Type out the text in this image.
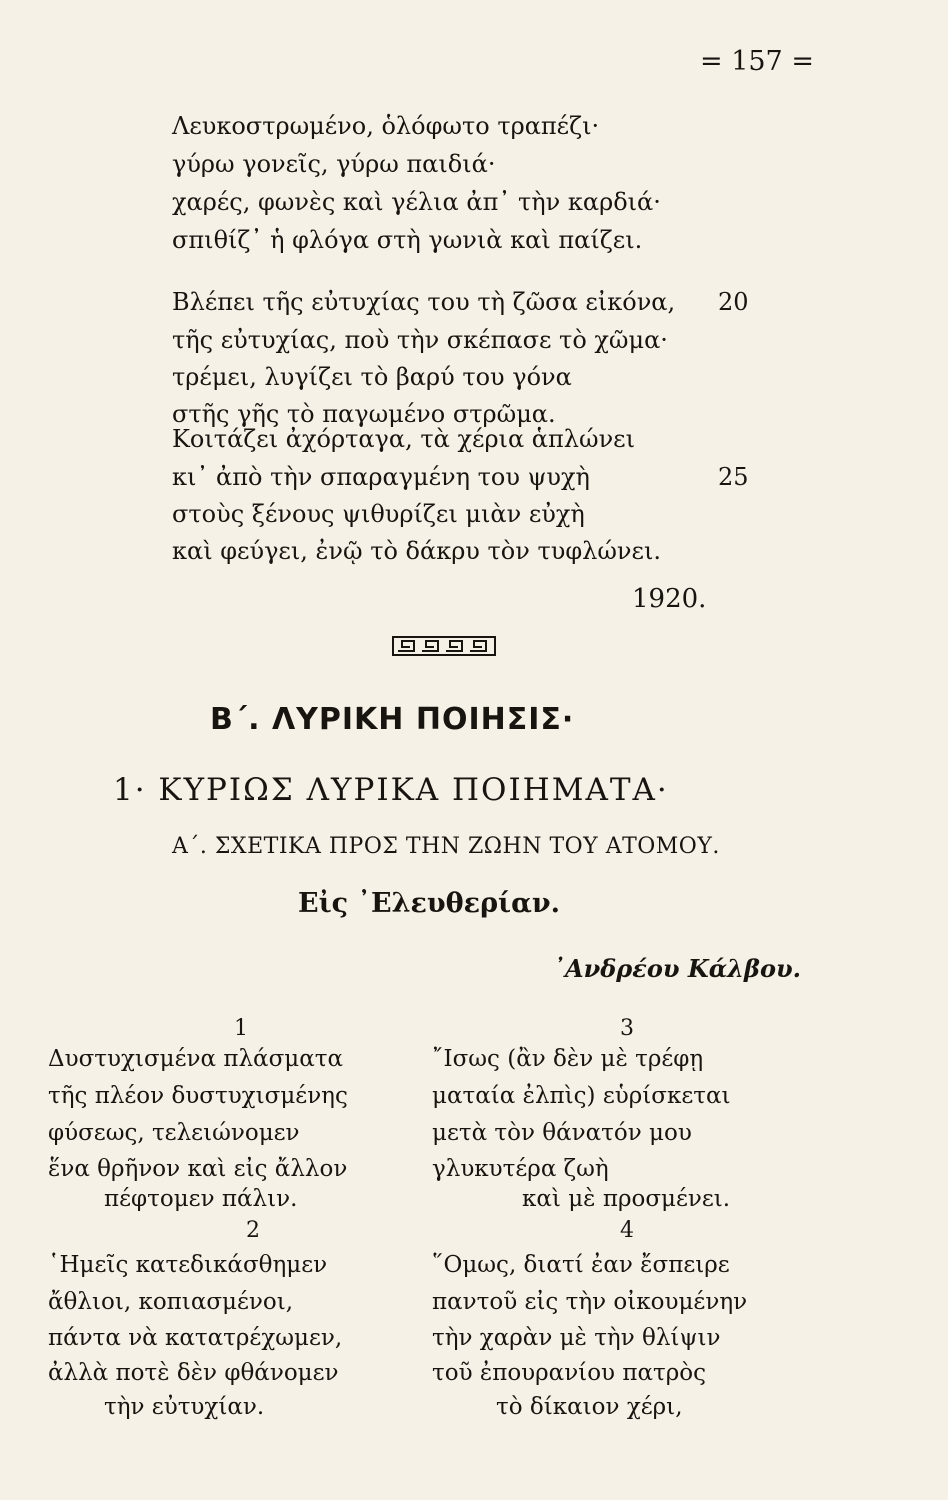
= 157 =
Λευκοστρωμένο, ὁλόφωτο τραπέζι·
γύρω γονεῖς, γύρω παιδιά·
χαρές, φωνὲς καὶ γέλια ἀπ᾿ τὴν καρδιά·
σπιθίζ᾿ ἡ φλόγα στὴ γωνιὰ καὶ παίζει.
Βλέπει τῆς εὐτυχίας του τὴ ζῶσα εἰκόνα,
τῆς εὐτυχίας, ποὺ τὴν σκέπασε τὸ χῶμα·
τρέμει, λυγίζει τὸ βαρύ του γόνα
στῆς γῆς τὸ παγωμένο στρῶμα.
Κοιτάζει ἀχόρταγα, τὰ χέρια ἁπλώνει
κι᾿ ἀπὸ τὴν σπαραγμένη του ψυχὴ
στοὺς ξένους ψιθυρίζει μιὰν εὐχὴ
καὶ φεύγει, ἐνῷ τὸ δάκρυ τὸν τυφλώνει.
20
25
1920.
Β΄. ΛΥΡΙΚΗ ΠΟΙΗΣΙΣ·
1· ΚΥΡΙΩΣ ΛΥΡΙΚΑ ΠΟΙΗΜΑΤΑ·
Α΄. ΣΧΕΤΙΚΑ ΠΡΟΣ ΤΗΝ ΖΩΗΝ ΤΟΥ ΑΤΟΜΟΥ.
Εἰς ᾿Ελευθερίαν.
᾿Ανδρέου Κάλβου.
1
Δυστυχισμένα πλάσματα
τῆς πλέον δυστυχισμένης
φύσεως, τελειώνομεν
ἕνα θρῆνον καὶ εἰς ἄλλον
πέφτομεν πάλιν.
2
῾Ημεῖς κατεδικάσθημεν
ἄθλιοι, κοπιασμένοι,
πάντα νὰ κατατρέχωμεν,
ἀλλὰ ποτὲ δὲν φθάνομεν
τὴν εὐτυχίαν.
3
῎Ισως (ἂν δὲν μὲ τρέφῃ
ματαία ἐλπὶς) εὑρίσκεται
μετὰ τὸν θάνατόν μου
γλυκυτέρα ζωὴ
καὶ μὲ προσμένει.
4
῞Ομως, διατί ἐαν ἔσπειρε
παντοῦ εἰς τὴν οἰκουμένην
τὴν χαρὰν μὲ τὴν θλίψιν
τοῦ ἐπουρανίου πατρὸς
τὸ δίκαιον χέρι,
